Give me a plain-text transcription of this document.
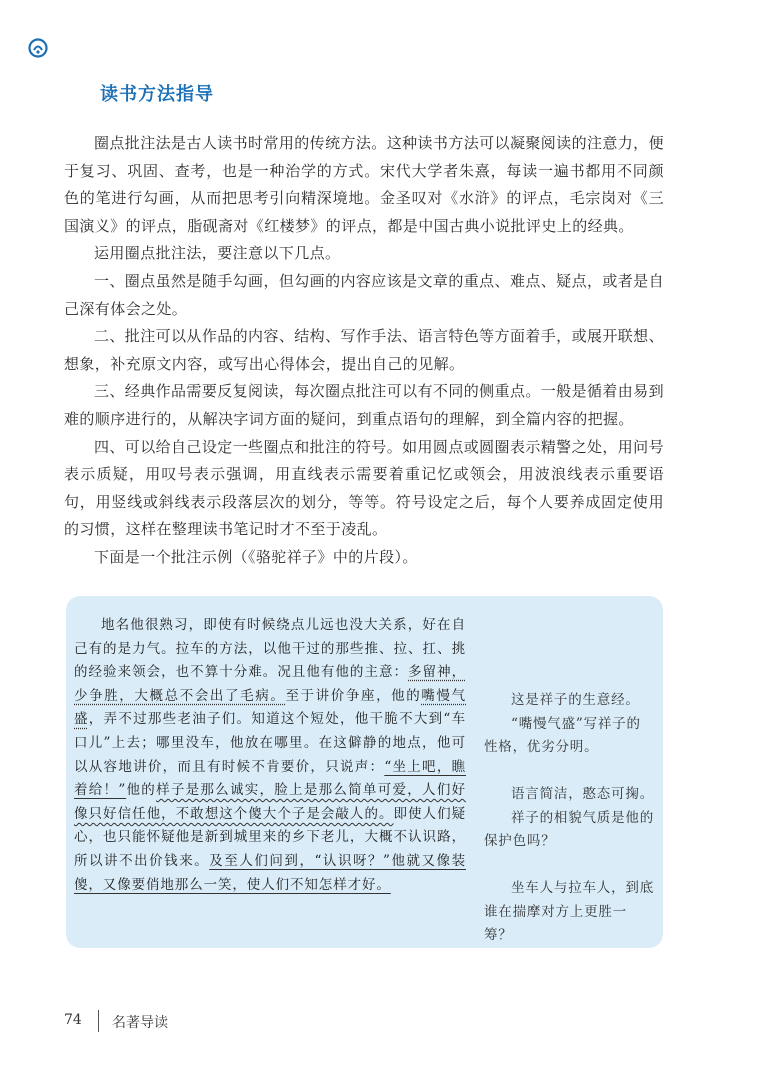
读书方法指导

圈点批注法是古人读书时常用的传统方法。这种读书方法可以凝聚阅读的注意力，便于复习、巩固、查考，也是一种治学的方式。宋代大学者朱熹，每读一遍书都用不同颜色的笔进行勾画，从而把思考引向精深境地。金圣叹对《水浒》的评点，毛宗岗对《三国演义》的评点，脂砚斋对《红楼梦》的评点，都是中国古典小说批评史上的经典。

运用圈点批注法，要注意以下几点。

一、圈点虽然是随手勾画，但勾画的内容应该是文章的重点、难点、疑点，或者是自己深有体会之处。

二、批注可以从作品的内容、结构、写作手法、语言特色等方面着手，或展开联想、想象，补充原文内容，或写出心得体会，提出自己的见解。

三、经典作品需要反复阅读，每次圈点批注可以有不同的侧重点。一般是循着由易到难的顺序进行的，从解决字词方面的疑问，到重点语句的理解，到全篇内容的把握。

四、可以给自己设定一些圈点和批注的符号。如用圆点或圆圈表示精警之处，用问号表示质疑，用叹号表示强调，用直线表示需要着重记忆或领会，用波浪线表示重要语句，用竖线或斜线表示段落层次的划分，等等。符号设定之后，每个人要养成固定使用的习惯，这样在整理读书笔记时才不至于凌乱。

下面是一个批注示例（《骆驼祥子》中的片段）。

地名他很熟习，即使有时候绕点儿远也没大关系，好在自己有的是力气。拉车的方法，以他干过的那些推、拉、扛、挑的经验来领会，也不算十分难。况且他有他的主意：多留神，少争胜，大概总不会出了毛病。至于讲价争座，他的嘴慢气盛，弄不过那些老油子们。知道这个短处，他干脆不大到“车口儿”上去；哪里没车，他放在哪里。在这僻静的地点，他可以从容地讲价，而且有时候不肯要价，只说声：“坐上吧，瞧着给！”他的样子是那么诚实，脸上是那么简单可爱，人们好像只好信任他，不敢想这个傻大个子是会敲人的。即使人们疑心，也只能怀疑他是新到城里来的乡下老儿，大概不认识路，所以讲不出价钱来。及至人们问到，“认识呀？”他就又像装傻，又像要俏地那么一笑，使人们不知怎样才好。

这是祥子的生意经。

“嘴慢气盛”写祥子的性格，优劣分明。

语言简洁，憨态可掬。

祥子的相貌气质是他的保护色吗？

坐车人与拉车人，到底谁在揣摩对方上更胜一筹？

74 名著导读
